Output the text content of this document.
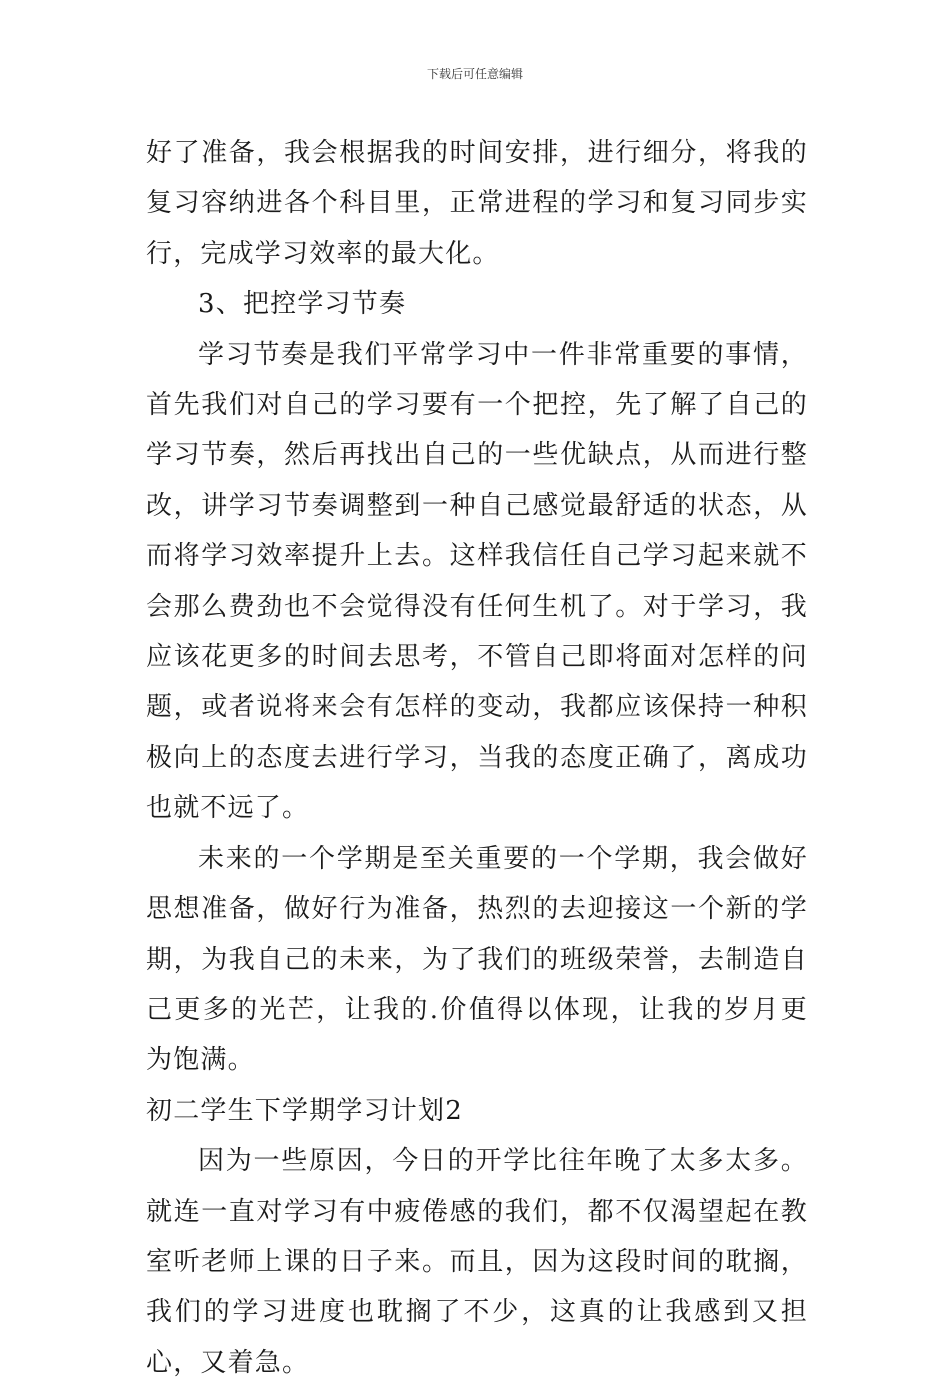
下载后可任意编辑

好了准备，我会根据我的时间安排，进行细分，将我的复习容纳进各个科目里，正常进程的学习和复习同步实行，完成学习效率的最大化。

3、把控学习节奏

学习节奏是我们平常学习中一件非常重要的事情，首先我们对自己的学习要有一个把控，先了解了自己的学习节奏，然后再找出自己的一些优缺点，从而进行整改，讲学习节奏调整到一种自己感觉最舒适的状态，从而将学习效率提升上去。这样我信任自己学习起来就不会那么费劲也不会觉得没有任何生机了。对于学习，我应该花更多的时间去思考，不管自己即将面对怎样的问题，或者说将来会有怎样的变动，我都应该保持一种积极向上的态度去进行学习，当我的态度正确了，离成功也就不远了。

未来的一个学期是至关重要的一个学期，我会做好思想准备，做好行为准备，热烈的去迎接这一个新的学期，为我自己的未来，为了我们的班级荣誉，去制造自己更多的光芒，让我的.价值得以体现，让我的岁月更为饱满。

初二学生下学期学习计划2

因为一些原因，今日的开学比往年晚了太多太多。就连一直对学习有中疲倦感的我们，都不仅渴望起在教室听老师上课的日子来。而且，因为这段时间的耽搁，我们的学习进度也耽搁了不少，这真的让我感到又担心，又着急。
